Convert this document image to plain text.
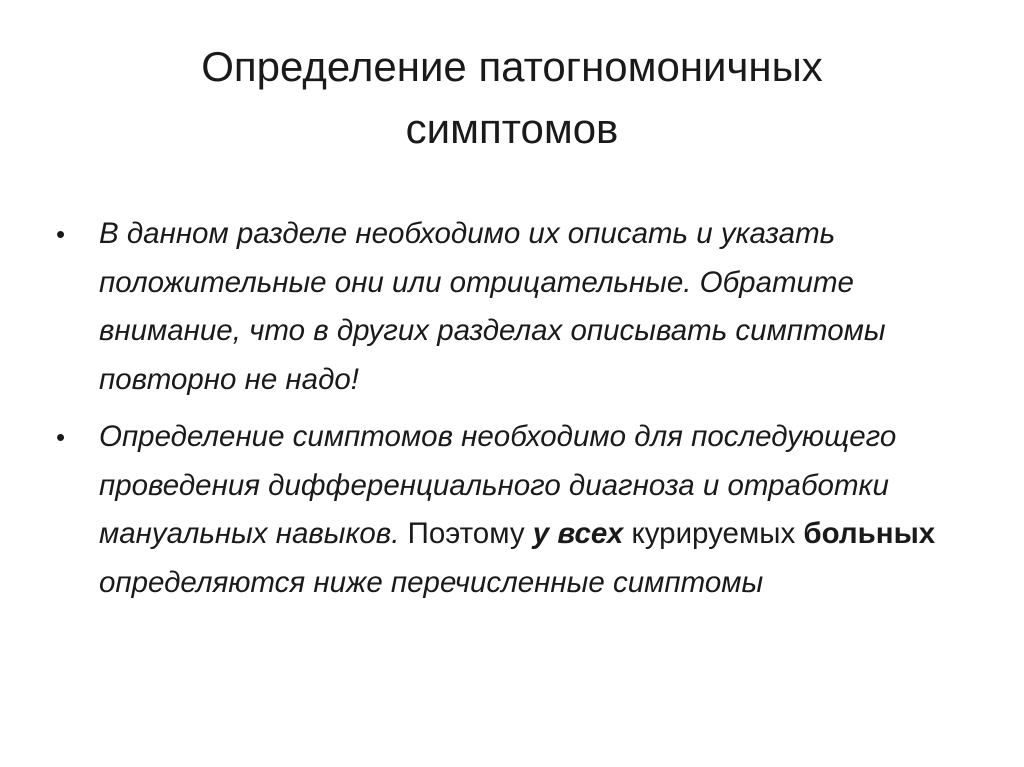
Определение патогномоничных
симптомов
• В данном разделе необходимо их описать и указать положительные они или отрицательные. Обратите внимание, что в других разделах описывать симптомы повторно не надо!
• Определение симптомов необходимо для последующего проведения дифференциального диагноза и отработки мануальных навыков. Поэтому у всех курируемых больных определяются ниже перечисленные симптомы
